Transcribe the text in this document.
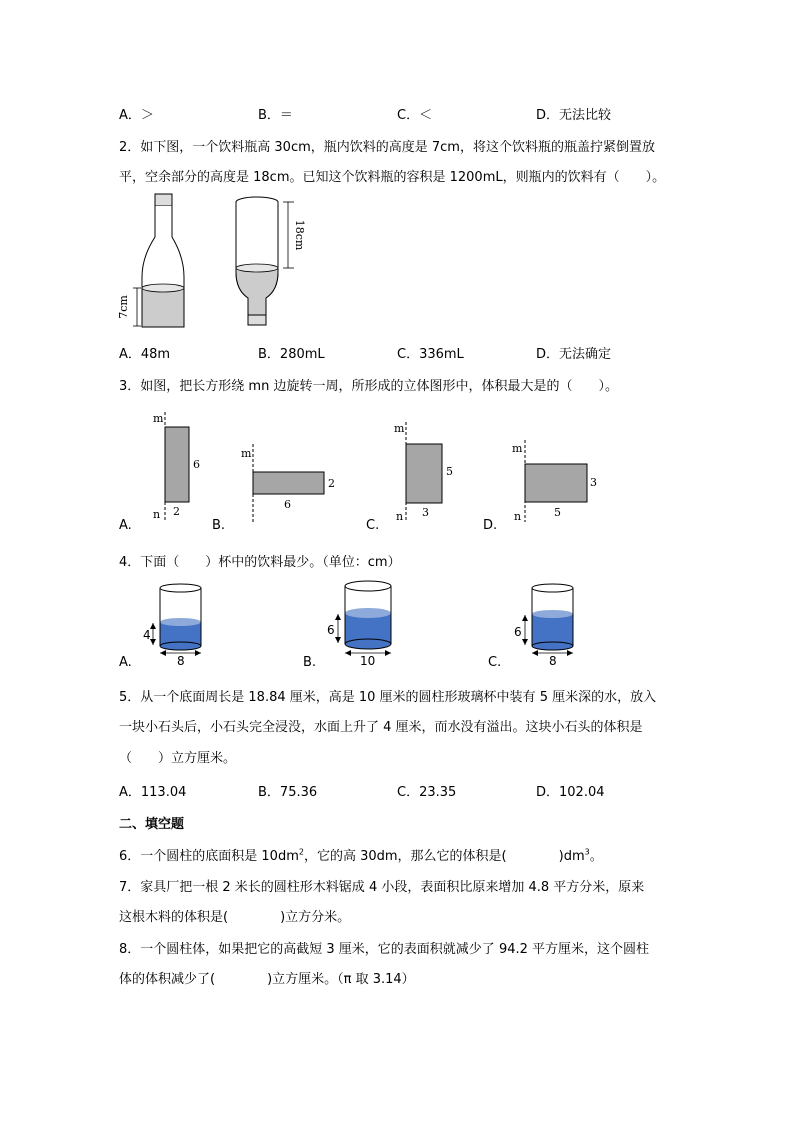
A．＞	B．＝	C．＜	D．无法比较
2．如下图，一个饮料瓶高 30cm，瓶内饮料的高度是 7cm，将这个饮料瓶的瓶盖拧紧倒置放
平，空余部分的高度是 18cm。已知这个饮料瓶的容积是 1200mL，则瓶内的饮料有（　　）。
7cm
18cm
A．48m	B．280mL	C．336mL	D．无法确定
3．如图，把长方形绕 mn 边旋转一周，所形成的立体图形中，体积最大是的（　　）。
m
n
6
2
A.
m
2
6
B.
m
n
5
3
C.
m
n
3
5
D.
4．下面（　　）杯中的饮料最少。（单位：cm）
4
8
A.
6
10
B.
6
8
C.
5．从一个底面周长是 18.84 厘米，高是 10 厘米的圆柱形玻璃杯中装有 5 厘米深的水，放入
一块小石头后，小石头完全浸没，水面上升了 4 厘米，而水没有溢出。这块小石头的体积是
（　　）立方厘米。
A．113.04	B．75.36	C．23.35	D．102.04
二、填空题
6．一个圆柱的底面积是 $10dm^2$，它的高 30dm，那么它的体积是(　　　　)$dm^3$。
7．家具厂把一根 2 米长的圆柱形木料锯成 4 小段，表面积比原来增加 4.8 平方分米，原来
这根木料的体积是(　　　　)立方分米。
8．一个圆柱体，如果把它的高截短 3 厘米，它的表面积就减少了 94.2 平方厘米，这个圆柱
体的体积减少了(　　　　)立方厘米。（π 取 3.14）
